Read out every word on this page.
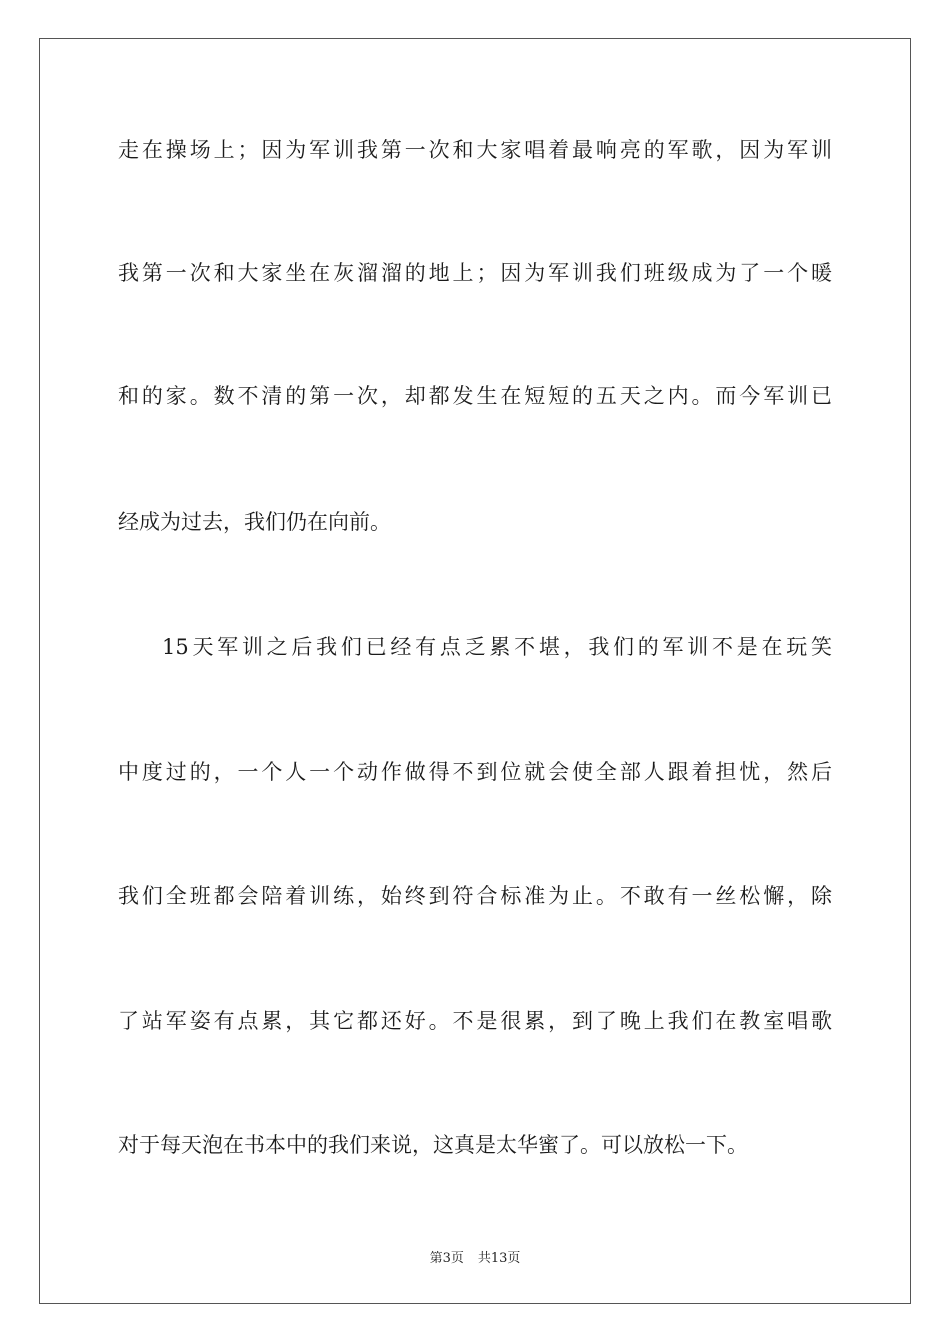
走在操场上；因为军训我第一次和大家唱着最响亮的军歌，因为军训
我第一次和大家坐在灰溜溜的地上；因为军训我们班级成为了一个暖
和的家。数不清的第一次，却都发生在短短的五天之内。而今军训已
经成为过去，我们仍在向前。
15天军训之后我们已经有点乏累不堪，我们的军训不是在玩笑
中度过的，一个人一个动作做得不到位就会使全部人跟着担忧，然后
我们全班都会陪着训练，始终到符合标准为止。不敢有一丝松懈，除
了站军姿有点累，其它都还好。不是很累，到了晚上我们在教室唱歌
对于每天泡在书本中的我们来说，这真是太华蜜了。可以放松一下。
第3页 共13页
